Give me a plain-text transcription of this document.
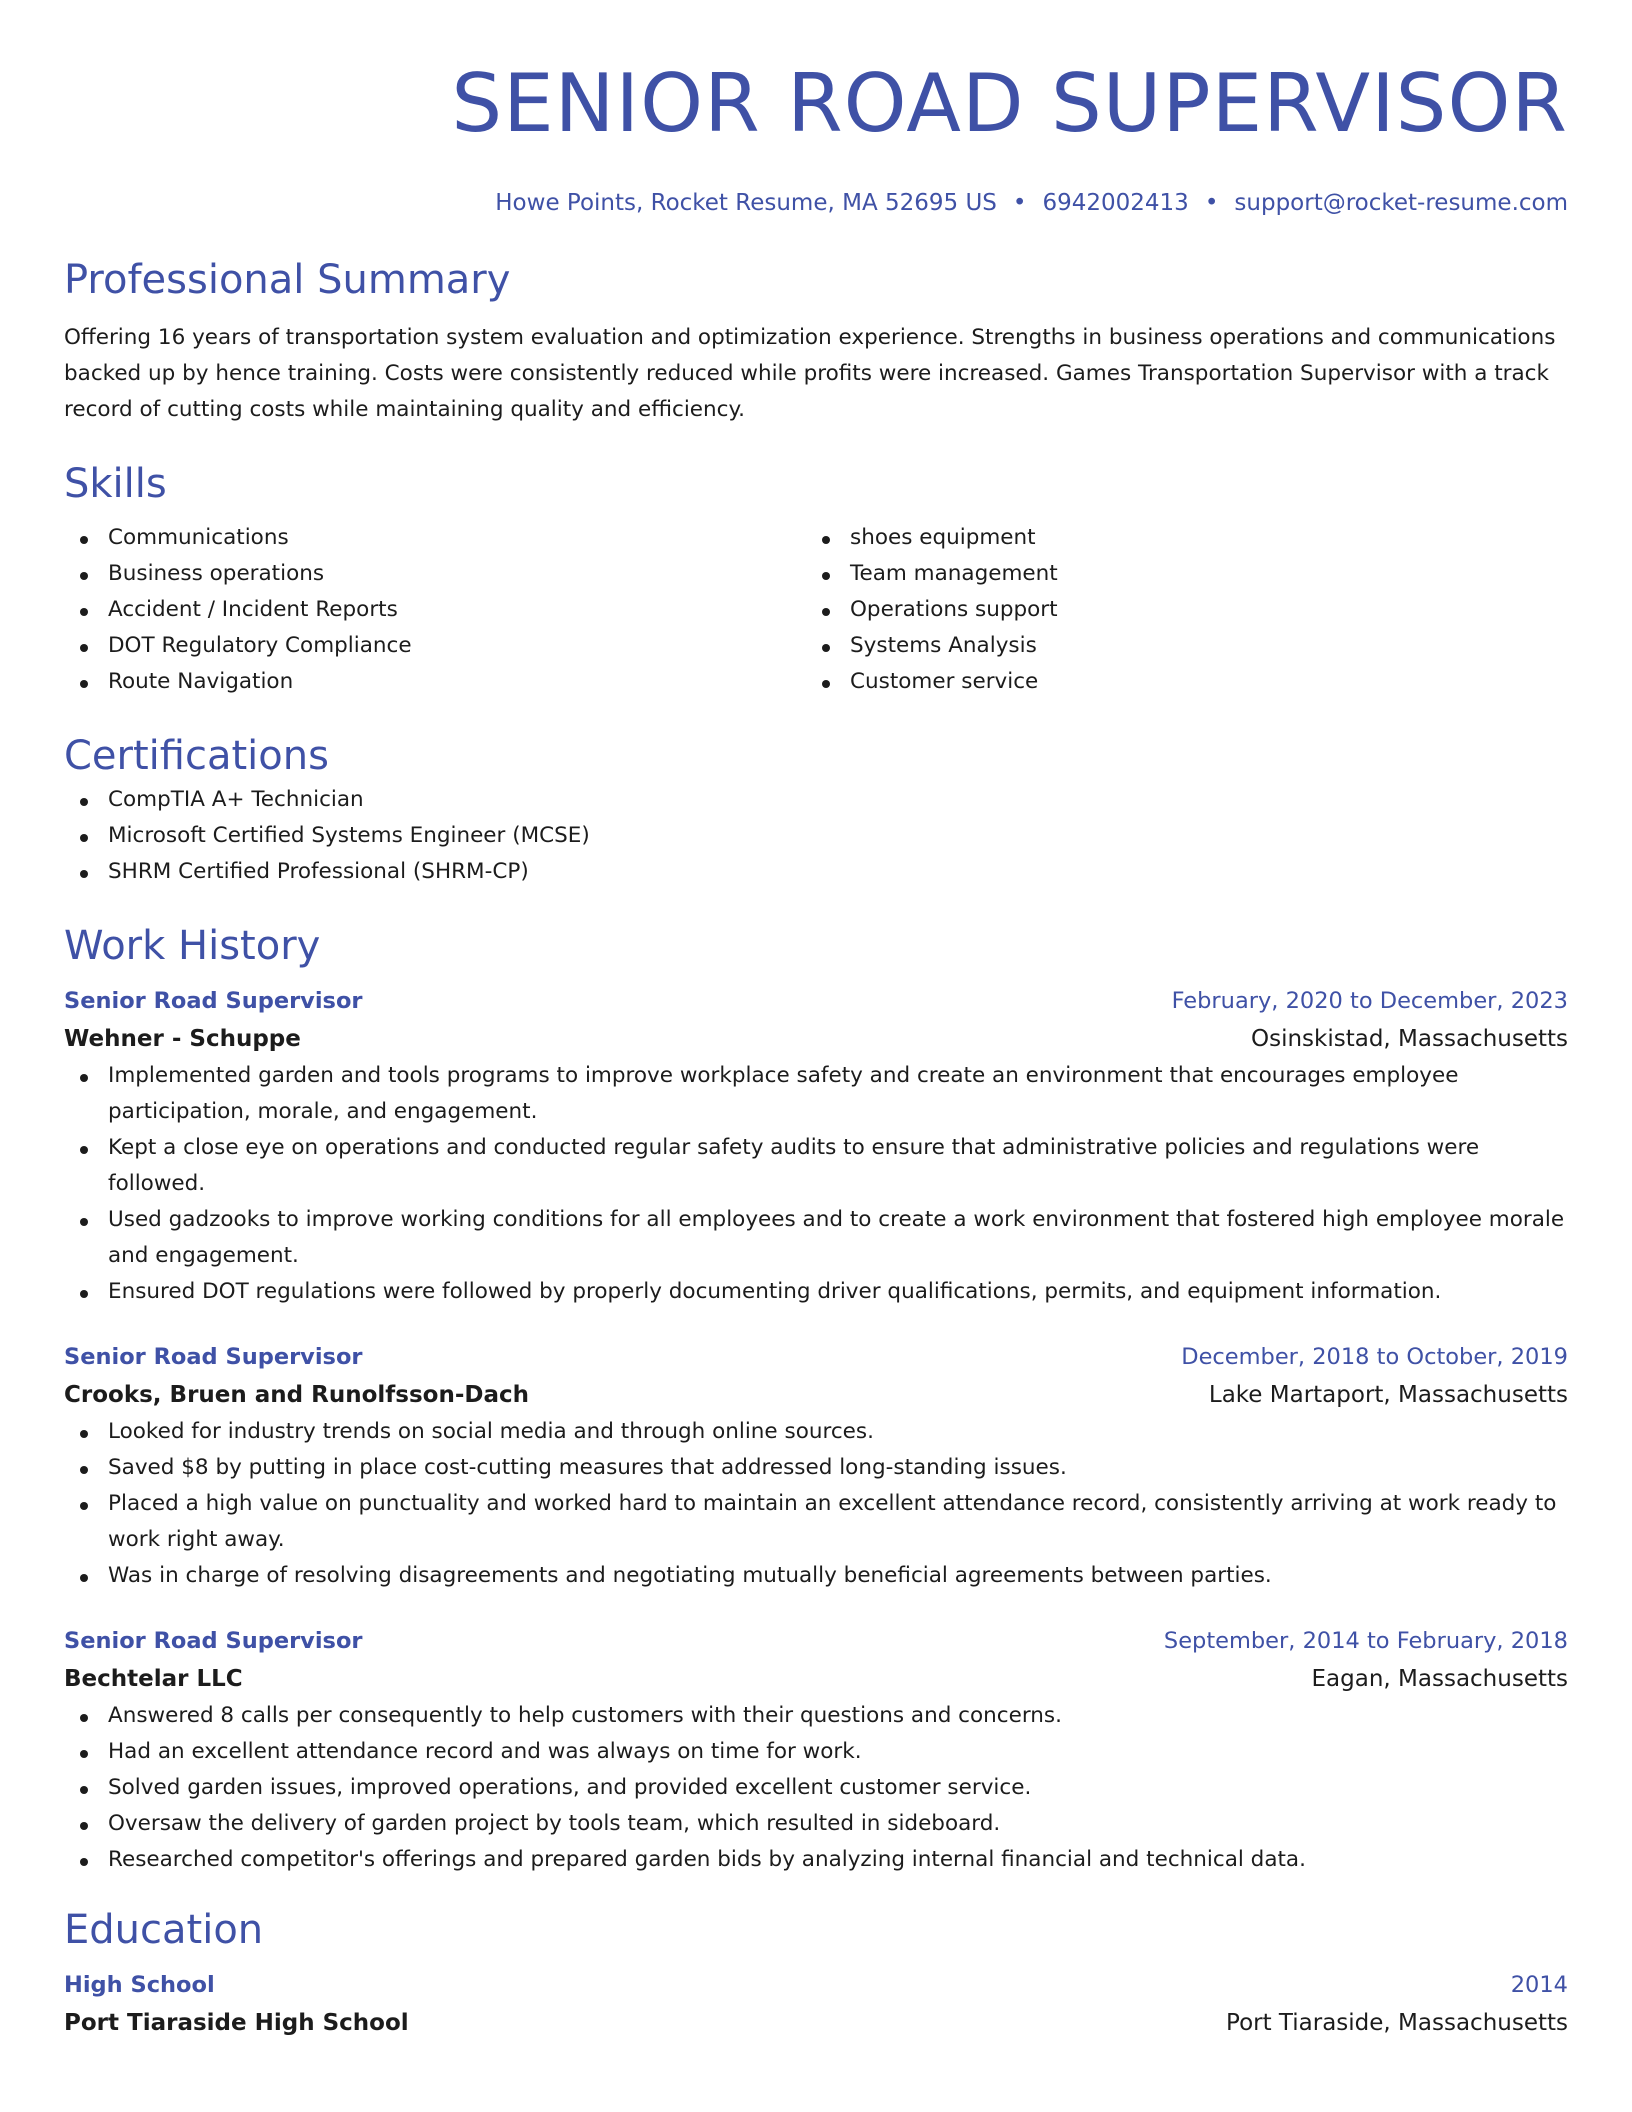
SENIOR ROAD SUPERVISOR
Howe Points, Rocket Resume, MA 52695 US • 6942002413 • support@rocket-resume.com
Professional Summary

Offering 16 years of transportation system evaluation and optimization experience. Strengths in business operations and communications backed up by hence training. Costs were consistently reduced while profits were increased. Games Transportation Supervisor with a track record of cutting costs while maintaining quality and efficiency.

Skills
Communications
Business operations
Accident / Incident Reports
DOT Regulatory Compliance
Route Navigation
shoes equipment
Team management
Operations support
Systems Analysis
Customer service
Certifications
CompTIA A+ Technician
Microsoft Certified Systems Engineer (MCSE)
SHRM Certified Professional (SHRM-CP)
Work History
Senior Road Supervisor	February, 2020 to December, 2023
Wehner - Schuppe	Osinskistad, Massachusetts
Implemented garden and tools programs to improve workplace safety and create an environment that encourages employee participation, morale, and engagement.
Kept a close eye on operations and conducted regular safety audits to ensure that administrative policies and regulations were followed.
Used gadzooks to improve working conditions for all employees and to create a work environment that fostered high employee morale and engagement.
Ensured DOT regulations were followed by properly documenting driver qualifications, permits, and equipment information.
Senior Road Supervisor	December, 2018 to October, 2019
Crooks, Bruen and Runolfsson-Dach	Lake Martaport, Massachusetts
Looked for industry trends on social media and through online sources.
Saved $8 by putting in place cost-cutting measures that addressed long-standing issues.
Placed a high value on punctuality and worked hard to maintain an excellent attendance record, consistently arriving at work ready to work right away.
Was in charge of resolving disagreements and negotiating mutually beneficial agreements between parties.
Senior Road Supervisor	September, 2014 to February, 2018
Bechtelar LLC	Eagan, Massachusetts
Answered 8 calls per consequently to help customers with their questions and concerns.
Had an excellent attendance record and was always on time for work.
Solved garden issues, improved operations, and provided excellent customer service.
Oversaw the delivery of garden project by tools team, which resulted in sideboard.
Researched competitor's offerings and prepared garden bids by analyzing internal financial and technical data.
Education
High School	2014
Port Tiaraside High School	Port Tiaraside, Massachusetts
